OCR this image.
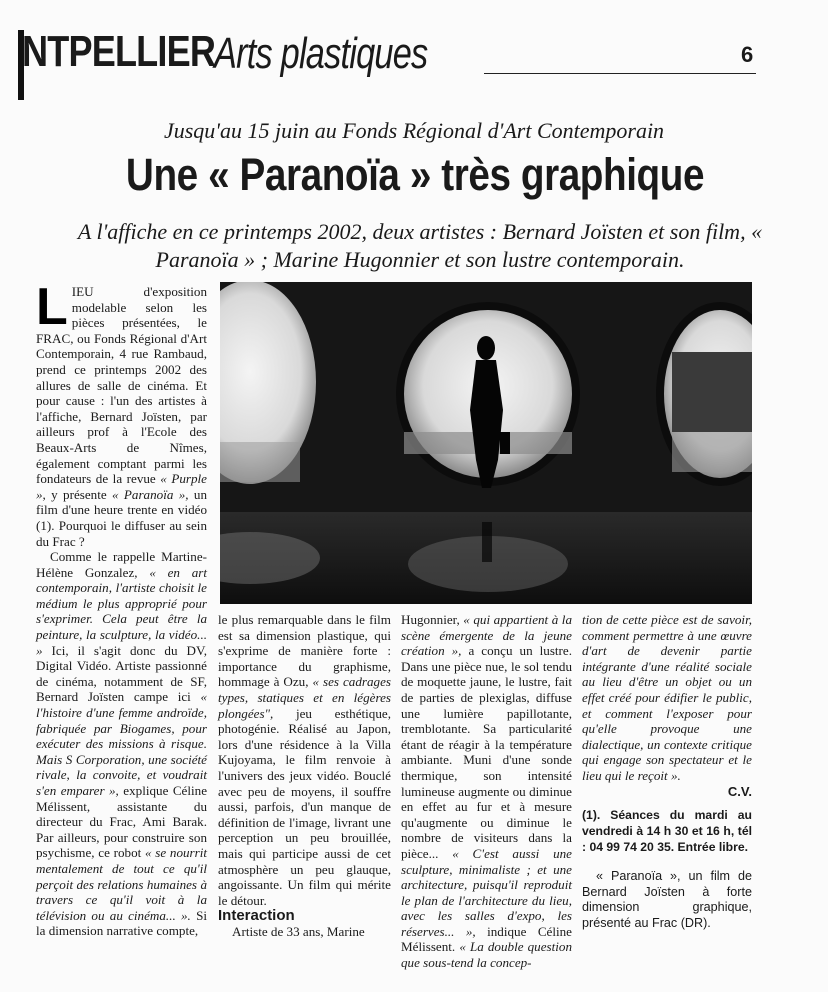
NTPELLIER
Arts plastiques	6
Jusqu'au 15 juin au Fonds Régional d'Art Contemporain
Une « Paranoïa » très graphique
A l'affiche en ce printemps 2002, deux artistes : Bernard Joïsten et son film, « Paranoïa » ; Marine Hugonnier et son lustre contemporain.

LIEU d'exposition modelable selon les pièces présentées, le FRAC, ou Fonds Régional d'Art Contemporain, 4 rue Rambaud, prend ce printemps 2002 des allures de salle de cinéma. Et pour cause : l'un des artistes à l'affiche, Bernard Joïsten, par ailleurs prof à l'Ecole des Beaux-Arts de Nîmes, également comptant parmi les fondateurs de la revue « Purple », y présente « Paranoïa », un film d'une heure trente en vidéo (1). Pourquoi le diffuser au sein du Frac ?

Comme le rappelle Martine-Hélène Gonzalez, « en art contemporain, l'artiste choisit le médium le plus approprié pour s'exprimer. Cela peut être la peinture, la sculpture, la vidéo... » Ici, il s'agit donc du DV, Digital Vidéo. Artiste passionné de cinéma, notamment de SF, Bernard Joïsten campe ici « l'histoire d'une femme androïde, fabriquée par Biogames, pour exécuter des missions à risque. Mais S Corporation, une société rivale, la convoite, et voudrait s'en emparer », explique Céline Mélissent, assistante du directeur du Frac, Ami Barak. Par ailleurs, pour construire son psychisme, ce robot « se nourrit mentalement de tout ce qu'il perçoit des relations humaines à travers ce qu'il voit à la télévision ou au cinéma... ». Si la dimension narrative compte,

le plus remarquable dans le film est sa dimension plastique, qui s'exprime de manière forte : importance du graphisme, hommage à Ozu, « ses cadrages types, statiques et en légères plongées", jeu esthétique, photogénie. Réalisé au Japon, lors d'une résidence à la Villa Kujoyama, le film renvoie à l'univers des jeux vidéo. Bouclé avec peu de moyens, il souffre aussi, parfois, d'un manque de définition de l'image, livrant une perception un peu brouillée, mais qui participe aussi de cet atmosphère un peu glauque, angoissante. Un film qui mérite le détour.

Interaction

Artiste de 33 ans, Marine

Hugonnier, « qui appartient à la scène émergente de la jeune création », a conçu un lustre. Dans une pièce nue, le sol tendu de moquette jaune, le lustre, fait de parties de plexiglas, diffuse une lumière papillotante, tremblotante. Sa particularité étant de réagir à la température ambiante. Muni d'une sonde thermique, son intensité lumineuse augmente ou diminue en effet au fur et à mesure qu'augmente ou diminue le nombre de visiteurs dans la pièce... « C'est aussi une sculpture, minimaliste ; et une architecture, puisqu'il reproduit le plan de l'architecture du lieu, avec les salles d'expo, les réserves... », indique Céline Mélissent. « La double question que sous-tend la concep-

tion de cette pièce est de savoir, comment permettre à une œuvre d'art de devenir partie intégrante d'une réalité sociale au lieu d'être un objet ou un effet créé pour édifier le public, et comment l'exposer pour qu'elle provoque une dialectique, un contexte critique qui engage son spectateur et le lieu qui le reçoit ».

C.V.

(1). Séances du mardi au vendredi à 14 h 30 et 16 h, tél : 04 99 74 20 35. Entrée libre.

« Paranoïa », un film de Bernard Joïsten à forte dimension graphique, présenté au Frac (DR).
